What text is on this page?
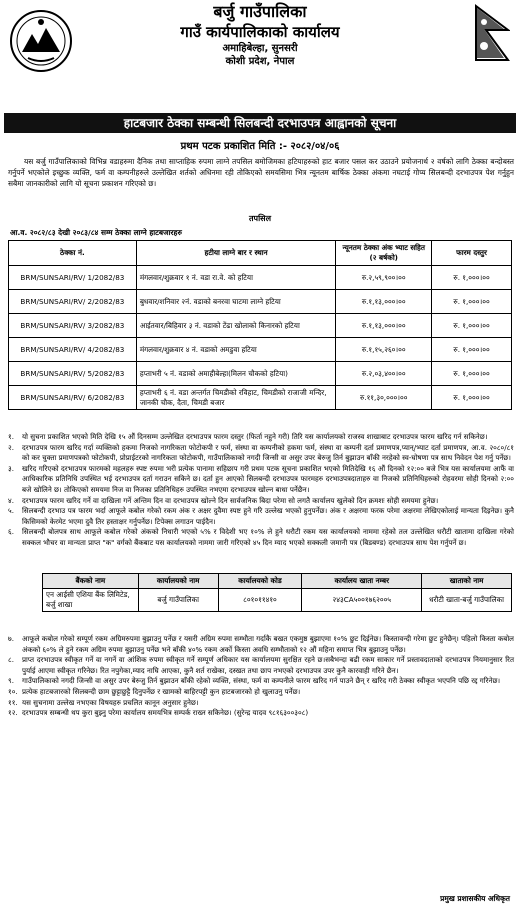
बर्जु गाउँपालिका
गाउँ कार्यपालिकाको कार्यालय
अमाहिबेल्हा, सुनसरी
कोशी प्रदेश, नेपाल
हाटबजार ठेक्का सम्बन्धी सिलबन्दी दरभाउपत्र आह्वानको सूचना
प्रथम पटक प्रकाशित मिति :- २०८२/०४/०६
यस बर्जु गाउँपालिकाको विभिन्न वडाहरुमा दैनिक तथा साप्ताहिक रुपमा लाग्ने तपसिल बमोजिमका हटियाहरुको हाट बजार पसल कर उठाउने प्रयोजनार्थ २ वर्षको लागि ठेक्का बन्दोबस्त गर्नुपर्ने भएकोले इच्छुक व्यक्ति, फर्म वा कम्पनीहरुले उल्लेखित शर्तको अधिनमा रही तोकिएको समयसिमा भित्र न्यूनतम बार्षिक ठेक्का अंकमा नघटाई गोप्य सिलबन्दी दरभाउपत्र पेश गर्नुहुन सबैमा जानकारीको लागि यो सूचना प्रकाशन गरिएको छ।
तपसिल
आ.व. २०८२/८३ देखी २०८३/८४ सम्म ठेक्का लाग्ने हाटबजारहरु
ठेक्का नं.	हटीया लाग्ने बार र स्थान	न्यूनतम ठेक्का अंक भ्याट सहित (२ बर्षको)	फारम दस्तुर
BRM/SUNSARI/RV/ 1/2082/83	मंगलवार/शुक्रवार १ नं. वडा रा.वे. को हटिया	रु.२,५९,९००।००	रु. १,०००।००
BRM/SUNSARI/RV/ 2/2082/83	बुधवार/शनिवार २नं. वडाको बनरवा घाटमा लाग्ने हटिया	रु.१,१३,०००।००	रु. १,०००।००
BRM/SUNSARI/RV/ 3/2082/83	आईतवार/बिहिवार ३ नं. वडाको टेंढा खोलाको किनारको हटिया	रु.१,१३,०००।००	रु. १,०००।००
BRM/SUNSARI/RV/ 4/2082/83	मंगलवार/शुक्रवार ४ नं. वडाको अमडुवा हटिया	रु.१,१५,२६०।००	रु. १,०००।००
BRM/SUNSARI/RV/ 5/2082/83	हप्ताभरी ५ नं. वडाको अमाहीबेल्हा(मिलन चौकको हटिया)	रु.२,०३,४००।००	रु. १,०००।००
BRM/SUNSARI/RV/ 6/2082/83	हप्ताभरी ६ नं. वडा अन्तर्गत चिमडीको रविहाट, चिमडीको राजाजी मन्दिर, जानकी चौक, दैता, चिमडी बजार	रु.११,३०,०००।००	रु. १,०००।००
१.	यो सुचना प्रकाशित भएको मिति देखि १५ औं दिनसम्म उल्लेखित दरभाउपत्र फारम दस्तुर (फिर्ता नहुने गरी) तिरि यस कार्यालयको राजस्व शाखाबाट दरभाउपत्र फारम खरिद गर्न सकिनेछ।
२.	दरभाउपत्र फारम खरिद गर्दा व्यक्तिको हकमा निजको नागरिकता फोटोकपी र फर्म, संस्था वा कम्पनीको हकमा फर्म, संस्था वा कम्पनी दर्ता प्रमाणपत्र,प्यान्/भ्याट दर्ता प्रमाणपत्र, आ.व. २०८०/८१ को कर चुक्ता प्रमाणपत्रको फोटोकपी, प्रोप्राईटरको नागरिकता फोटोकपी, गाउँपालिकाको नगदी जिन्सी वा असुर उपर बेरुजु तिर्न बुझाउन बाँकी नरहेको स्व-घोषणा पत्र साथ निवेदन पेश गर्नु पर्नेछ।
३.	खरिद गरिएको दरभाउपत्र फारमको महलहरु स्पष्ट रुपमा भरी प्रत्येक पानामा सहिछाप गरी प्रथम पटक सूचना प्रकाशित भएको मितिदेखि १६ औं दिनको १२:०० बजे भित्र यस कार्यालयमा आफैं वा आधिकारिक प्रतिनिधि उपस्थित भई दरभाउपत्र दर्ता गराउन सकिने छ। दर्ता हुन आएको सिलबन्दी दरभाउपत्र फारमहरु दरभाउपत्रदाताहरु वा निजको प्रतिनिधिहरुको रोहवरमा सोही दिनको २:०० बजे खोलिने छ। तोकिएको समयमा निज वा निजका प्रतिनिधिहरु उपस्थित नभएमा दरभाउपत्र खोल्न बाधा पर्नेछैन।
४.	दरभाउपत्र फारम खरिद गर्ने वा दाखिला गर्ने अन्तिम दिन वा दरभाउपत्र खोल्ने दिन सार्वजनिक बिदा परेमा सो लगतै कार्यालय खुलेको दिन क्रमशः सोही समयमा हुनेछ।
५.	सिलबन्दी दरभाउ पत्र फारम भर्दा आफूले कबोल गरेको रकम अंक र अक्षर दुवैमा स्पष्ट हुने गरि उल्लेख भएको हुनुपर्नेछ। अंक र अक्षरमा फरक परेमा अक्षरमा लेखिएकोलाई मान्यता दिइनेछ। कुनै किसिमको केरमेट भएमा दुवै तिर हस्ताक्षर गर्नुपर्नेछ। टिपेक्स लगाउन पाईदैन।
६.	सिलबन्दी बोलपत्र साथ आफूले कबोल गरेको अंकको निधारी भएको ५% र विदेशी भए १०% ले हुने धरौटी रकम यस कार्यालयको नाममा रहेको तल उल्लेखित धरौटी खातामा दाखिला गरेको सक्कल भौचर वा मान्यता प्राप्त "क" वर्गको बैंकबाट यस कार्यालयको नाममा जारी गरिएको ४५ दिन म्याद भएको सक्कली जमानी पत्र (बिडबण्ड) दरभाउपत्र साथ पेश गर्नुपर्ने छ।
बैंकको नाम	कार्यालयको नाम	कार्यालयको कोड	कार्यालय खाता नम्बर	खाताको नाम
एन आईसी एशिया बैंक लिमिटेड, बर्जु शाखा	बर्जु गाउँपालिका	८०१०११४१०	२४३CA५००१७६२००५	धरौटी खाता-बर्जु गाउँपालिका
७.	आफूले कबोल गरेको सम्पूर्ण रकम अग्रिमरुपमा बुझाउनु पर्नेछ र यसरी अग्रिम रुपमा सम्भौता गर्दाकै बखत एकमुष्ठ बुझाएमा १०% छुट दिईनेछ। किस्तावन्दी गरेमा छुट हुनेछैन्। पहिलो किस्ता कबोल अंकको ६०% ले हुने रकम अग्रिम रुपमा बुझाउनु पर्नेछ भने बाँकी ४०% रकम अर्को किस्ता अवधि सम्भौताको १२ औं महिना समाप्त भित्र बुझाउनु पर्नेछ।
८.	प्राप्त दरभाउपत्र स्वीकृत गर्ने वा नगर्ने वा आंशिक रुपमा स्वीकृत गर्ने सम्पूर्ण अधिकार यस कार्यालयमा सुरक्षित रहने छ।सबैभन्दा बढी रकम साकार गर्ने प्रस्तावदाताको दरभाउपत्र नियमानुसार रित पुर्याई आएमा स्वीकृत गरिनेछ। रित नपुगेका,म्याद नाघि आएका, कुनै शर्त राखेका, दस्खत तथा छाप नभएको दरभाउपत्र उपर कुनै कारवाही गरिने छैन।
९.	गाउँपालिकाको नगदी जिन्सी वा असुर उपर बेरुजु तिर्न बुझाउन बाँकी रहेको व्यक्ति, संस्था, फर्म वा कम्पनीले फारम खरिद गर्न पाउने छैन् र खरिद गरी ठेक्का स्वीकृत भएपनि पछि रद्द गरिनेछ।
१०. प्रत्येक हाटबजारको सिलबन्दी छाम छुट्टाछुट्टै दिनुपर्नेछ र खामको बाहिरपट्टी कुन हाटबजारको हो खुलाउनु पर्नेछ।
११. यस सुचनामा उल्लेख नभएका विषयहरु प्रचलित कानून अनुसार हुनेछ।
१२. दरभाउपत्र सम्बन्धी थप कुरा बुझ्नु परेमा कार्यालय समयभित्र सम्पर्क राख्न सकिनेछ। (सुरेन्द्र यादव ९८१६३००३०८)
प्रमुख प्रशासकीय अधिकृत
